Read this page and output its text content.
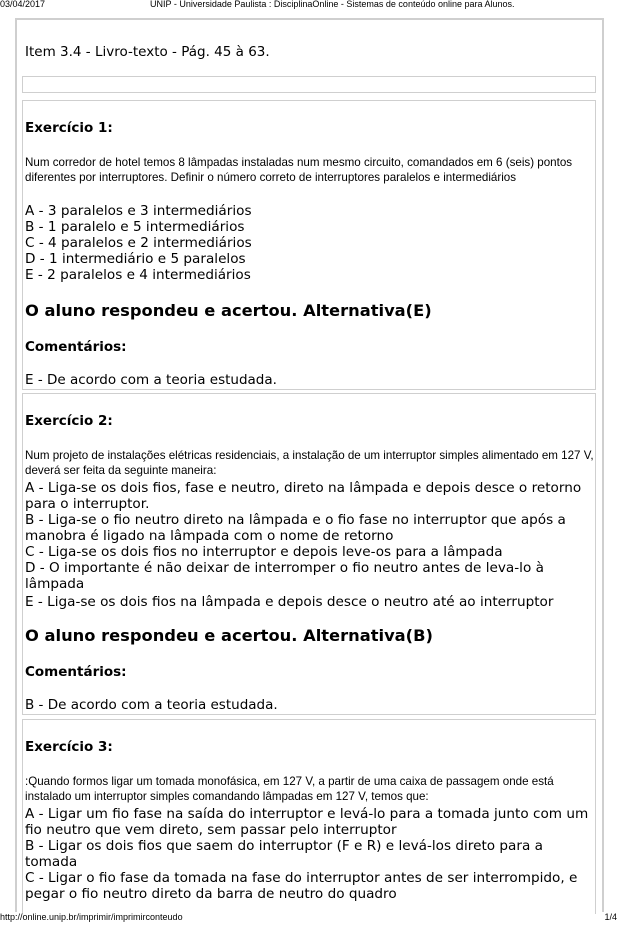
03/04/2017	UNIP - Universidade Paulista : DisciplinaOnline - Sistemas de conteúdo online para Alunos.
Item 3.4 - Livro-texto - Pág. 45 à 63.
Exercício 1:
Num corredor de hotel temos 8 lâmpadas instaladas num mesmo circuito, comandados em 6 (seis) pontos diferentes por interruptores. Definir o número correto de interruptores paralelos e intermediários
A - 3 paralelos e 3 intermediários
B - 1 paralelo e 5 intermediários
C - 4 paralelos e 2 intermediários
D - 1 intermediário e 5 paralelos
E - 2 paralelos e 4 intermediários
O aluno respondeu e acertou. Alternativa(E)
Comentários:
E - De acordo com a teoria estudada.
Exercício 2:
Num projeto de instalações elétricas residenciais, a instalação de um interruptor simples alimentado em 127 V, deverá ser feita da seguinte maneira:
A - Liga-se os dois fios, fase e neutro, direto na lâmpada e depois desce o retorno para o interruptor.
B - Liga-se o fio neutro direto na lâmpada e o fio fase no interruptor que após a manobra é ligado na lâmpada com o nome de retorno
C - Liga-se os dois fios no interruptor e depois leve-os para a lâmpada
D - O importante é não deixar de interromper o fio neutro antes de leva-lo à lâmpada
E - Liga-se os dois fios na lâmpada e depois desce o neutro até ao interruptor
O aluno respondeu e acertou. Alternativa(B)
Comentários:
B - De acordo com a teoria estudada.
Exercício 3:
:Quando formos ligar um tomada monofásica, em 127 V, a partir de uma caixa de passagem onde está instalado um interruptor simples comandando lâmpadas em 127 V, temos que:
A - Ligar um fio fase na saída do interruptor e levá-lo para a tomada junto com um fio neutro que vem direto, sem passar pelo interruptor
B - Ligar os dois fios que saem do interruptor (F e R) e levá-los direto para a tomada
C - Ligar o fio fase da tomada na fase do interruptor antes de ser interrompido, e pegar o fio neutro direto da barra de neutro do quadro
http://online.unip.br/imprimir/imprimirconteudo	1/4
